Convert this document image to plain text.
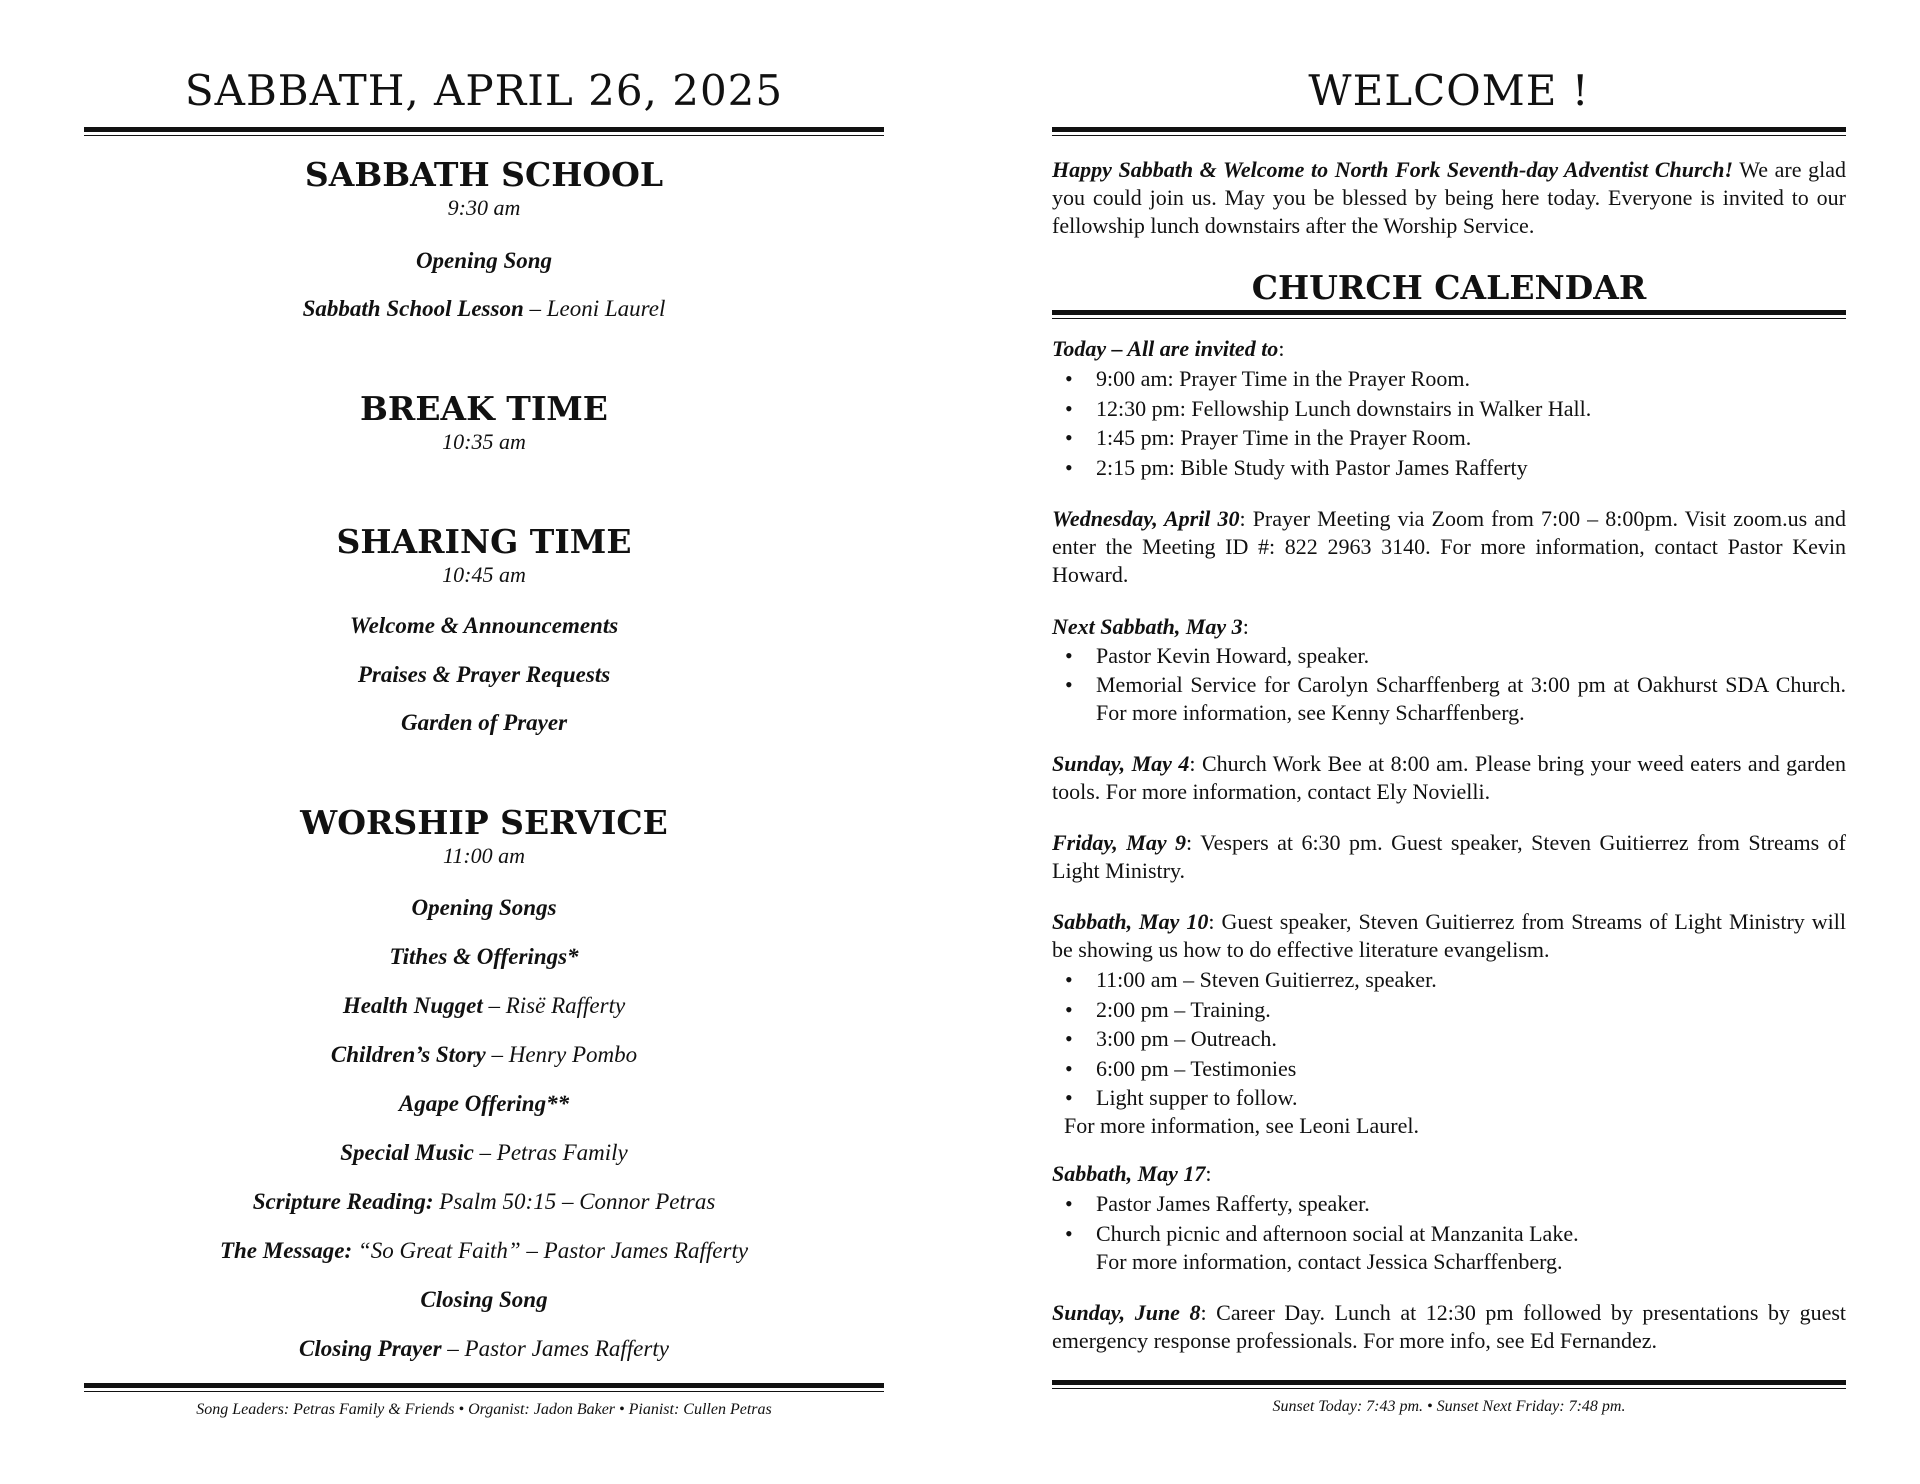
SABBATH, APRIL 26, 2025
SABBATH SCHOOL
9:30 am
Opening Song
Sabbath School Lesson – Leoni Laurel
BREAK TIME
10:35 am
SHARING TIME
10:45 am
Welcome & Announcements
Praises & Prayer Requests
Garden of Prayer
WORSHIP SERVICE
11:00 am
Opening Songs
Tithes & Offerings*
Health Nugget – Risë Rafferty
Children’s Story – Henry Pombo
Agape Offering**
Special Music – Petras Family
Scripture Reading: Psalm 50:15 – Connor Petras
The Message: “So Great Faith” – Pastor James Rafferty
Closing Song
Closing Prayer – Pastor James Rafferty
Song Leaders: Petras Family & Friends • Organist: Jadon Baker • Pianist: Cullen Petras
WELCOME !

Happy Sabbath & Welcome to North Fork Seventh-day Adventist Church! We are glad you could join us. May you be blessed by being here today. Everyone is invited to our fellowship lunch downstairs after the Worship Service.

CHURCH CALENDAR

Today – All are invited to:

• 9:00 am: Prayer Time in the Prayer Room.
• 12:30 pm: Fellowship Lunch downstairs in Walker Hall.
• 1:45 pm: Prayer Time in the Prayer Room.
• 2:15 pm: Bible Study with Pastor James Rafferty

Wednesday, April 30: Prayer Meeting via Zoom from 7:00 – 8:00pm. Visit zoom.us and enter the Meeting ID #: 822 2963 3140. For more information, contact Pastor Kevin Howard.

Next Sabbath, May 3:

• Pastor Kevin Howard, speaker.
• Memorial Service for Carolyn Scharffenberg at 3:00 pm at Oakhurst SDA Church. For more information, see Kenny Scharffenberg.

Sunday, May 4: Church Work Bee at 8:00 am. Please bring your weed eaters and garden tools. For more information, contact Ely Novielli.

Friday, May 9: Vespers at 6:30 pm. Guest speaker, Steven Guitierrez from Streams of Light Ministry.

Sabbath, May 10: Guest speaker, Steven Guitierrez from Streams of Light Ministry will be showing us how to do effective literature evangelism.

• 11:00 am – Steven Guitierrez, speaker.
• 2:00 pm – Training.
• 3:00 pm – Outreach.
• 6:00 pm – Testimonies
• Light supper to follow.

For more information, see Leoni Laurel.

Sabbath, May 17:

• Pastor James Rafferty, speaker.
• Church picnic and afternoon social at Manzanita Lake.

For more information, contact Jessica Scharffenberg.

Sunday, June 8: Career Day. Lunch at 12:30 pm followed by presentations by guest emergency response professionals. For more info, see Ed Fernandez.

Sunset Today: 7:43 pm. • Sunset Next Friday: 7:48 pm.
